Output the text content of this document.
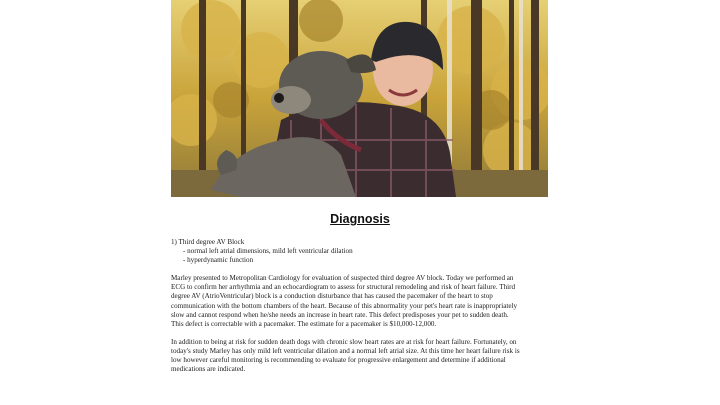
Diagnosis

1) Third degree AV Block

- normal left atrial dimensions, mild left ventricular dilation

- hyperdynamic function

Marley presented to Metropolitan Cardiology for evaluation of suspected third degree AV block. Today we performed an

ECG to confirm her arrhythmia and an echocardiogram to assess for structural remodeling and risk of heart failure. Third

degree AV (AtrioVentricular) block is a conduction disturbance that has caused the pacemaker of the heart to stop

communication with the bottom chambers of the heart. Because of this abnormality your pet's heart rate is inappropriately

slow and cannot respond when he/she needs an increase in heart rate. This defect predisposes your pet to sudden death.

This defect is correctable with a pacemaker. The estimate for a pacemaker is $10,000-12,000.

In addition to being at risk for sudden death dogs with chronic slow heart rates are at risk for heart failure. Fortunately, on

today's study Marley has only mild left ventricular dilation and a normal left atrial size. At this time her heart failure risk is

low however careful monitoring is recommending to evaluate for progressive enlargement and determine if additional

medications are indicated.
